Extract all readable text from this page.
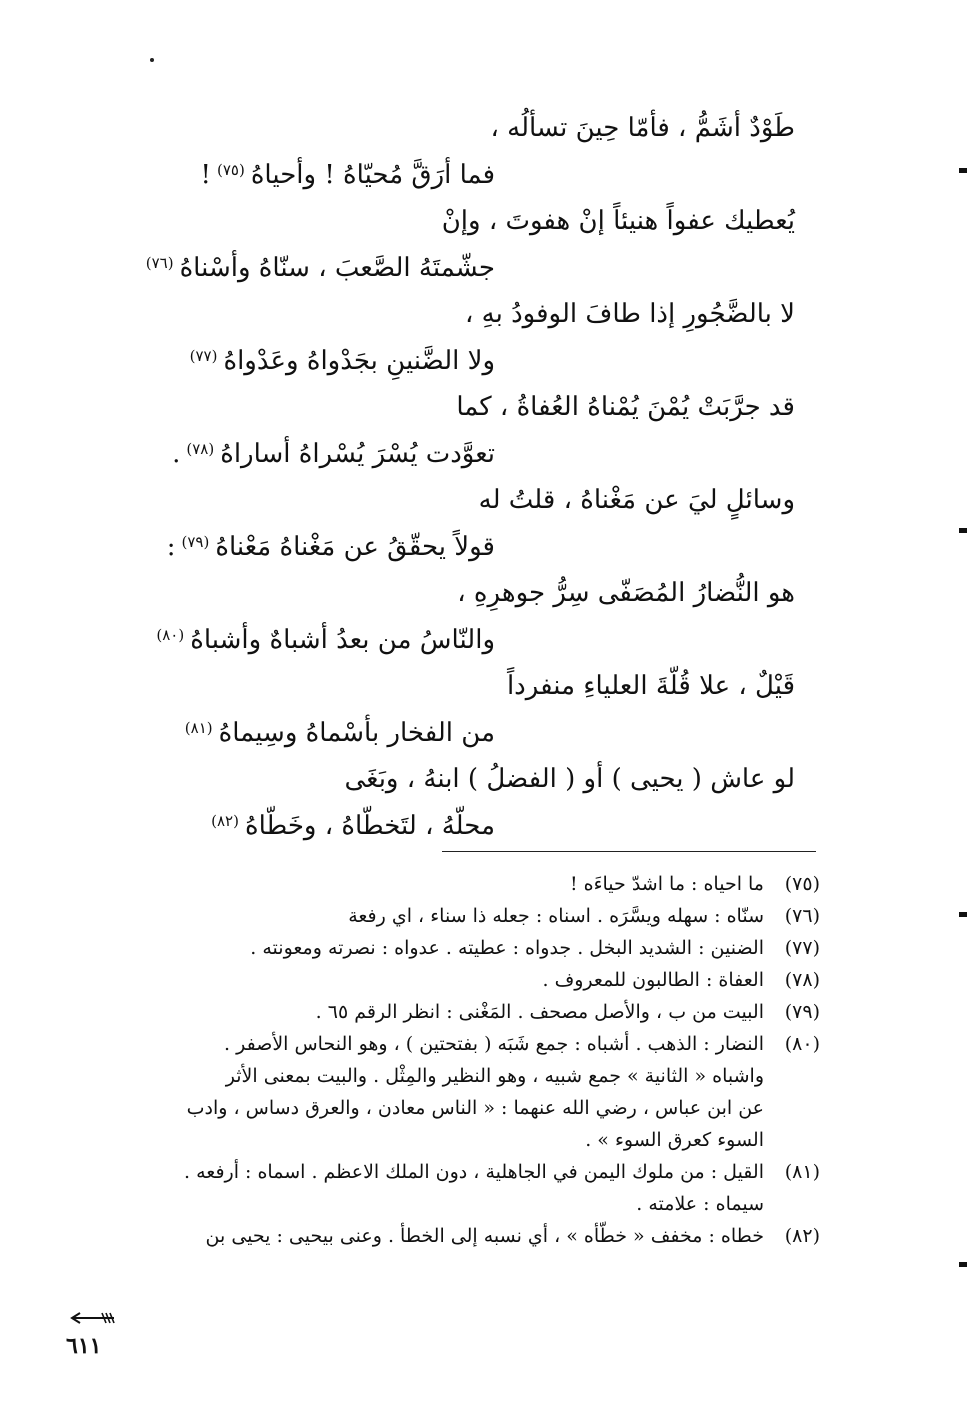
طَوْدٌ أشَمُّ ، فأمّا حِينَ تسألُه ،
فما أرَقَّ مُحيّاهُ ! وأحياهُ$^{(٧٥)}$!
يُعطيك عفواً هنيئاً إنْ هفوتَ ، وإنْ
جشّمتَهُ الصَّعبَ ، سنّاهُ وأسْناهُ$^{(٧٦)}$
لا بالضَّجُورِ إذا طافَ الوفودُ بهِ ،
ولا الضَّنينِ بجَدْواهُ وعَدْواهُ$^{(٧٧)}$
قد جرَّبَتْ يُمْنَ يُمْناهُ العُفاةُ ، كما
تعوَّدت يُسْرَ يُسْراهُ أساراهُ$^{(٧٨)}$.
وسائلٍ ليَ عن مَغْناهُ ، قلتُ له
قولاً يحقّقُ عن مَغْناهُ مَعْناهُ$^{(٧٩)}$:
هو النُّضارُ المُصَفّى سِرُّ جوهرِهِ ،
والنّاسُ من بعدُ أشباهٌ وأشباهُ$^{(٨٠)}$
قَيْلٌ ، علا قُلّةَ العلياءِ منفرداً
من الفخار بأسْماهُ وسِيماهُ$^{(٨١)}$
لو عاش ( يحيى ) أو ( الفضلُ ) ابنهُ ، وبَغَى
محلّهُ ، لتَخطّاهُ ، وخَطّاهُ$^{(٨٢)}$
(٧٥)
ما احياه : ما اشدّ حياءَه !
(٧٦)
سنّاه : سهله ويسَّرَه . اسناه : جعله ذا سناء ، اي رفعة
(٧٧)
الضنين : الشديد البخل . جدواه : عطيته . عدواه : نصرته ومعونته .
(٧٨)
العفاة : الطالبون للمعروف .
(٧٩)
البيت من ب ، والأصل مصحف . المَغْنى : انظر الرقم ٦٥ .
(٨٠)
النضار : الذهب . أشباه : جمع شَبَه ( بفتحتين ) ، وهو النحاس الأصفر .
واشباه « الثانية » جمع شبيه ، وهو النظير والمِثْل . والبيت بمعنى الأثر
عن ابن عباس ، رضي الله عنهما : « الناس معادن ، والعرق دساس ، وادب
السوء كعرق السوء » .
(٨١)
القيل : من ملوك اليمن في الجاهلية ، دون الملك الاعظم . اسماه : أرفعه .
سيماه : علامته .
(٨٢)
خطاه : مخفف « خطّأه » ، أي نسبه إلى الخطأ . وعنى بيحيى : يحيى بن
٦١١
